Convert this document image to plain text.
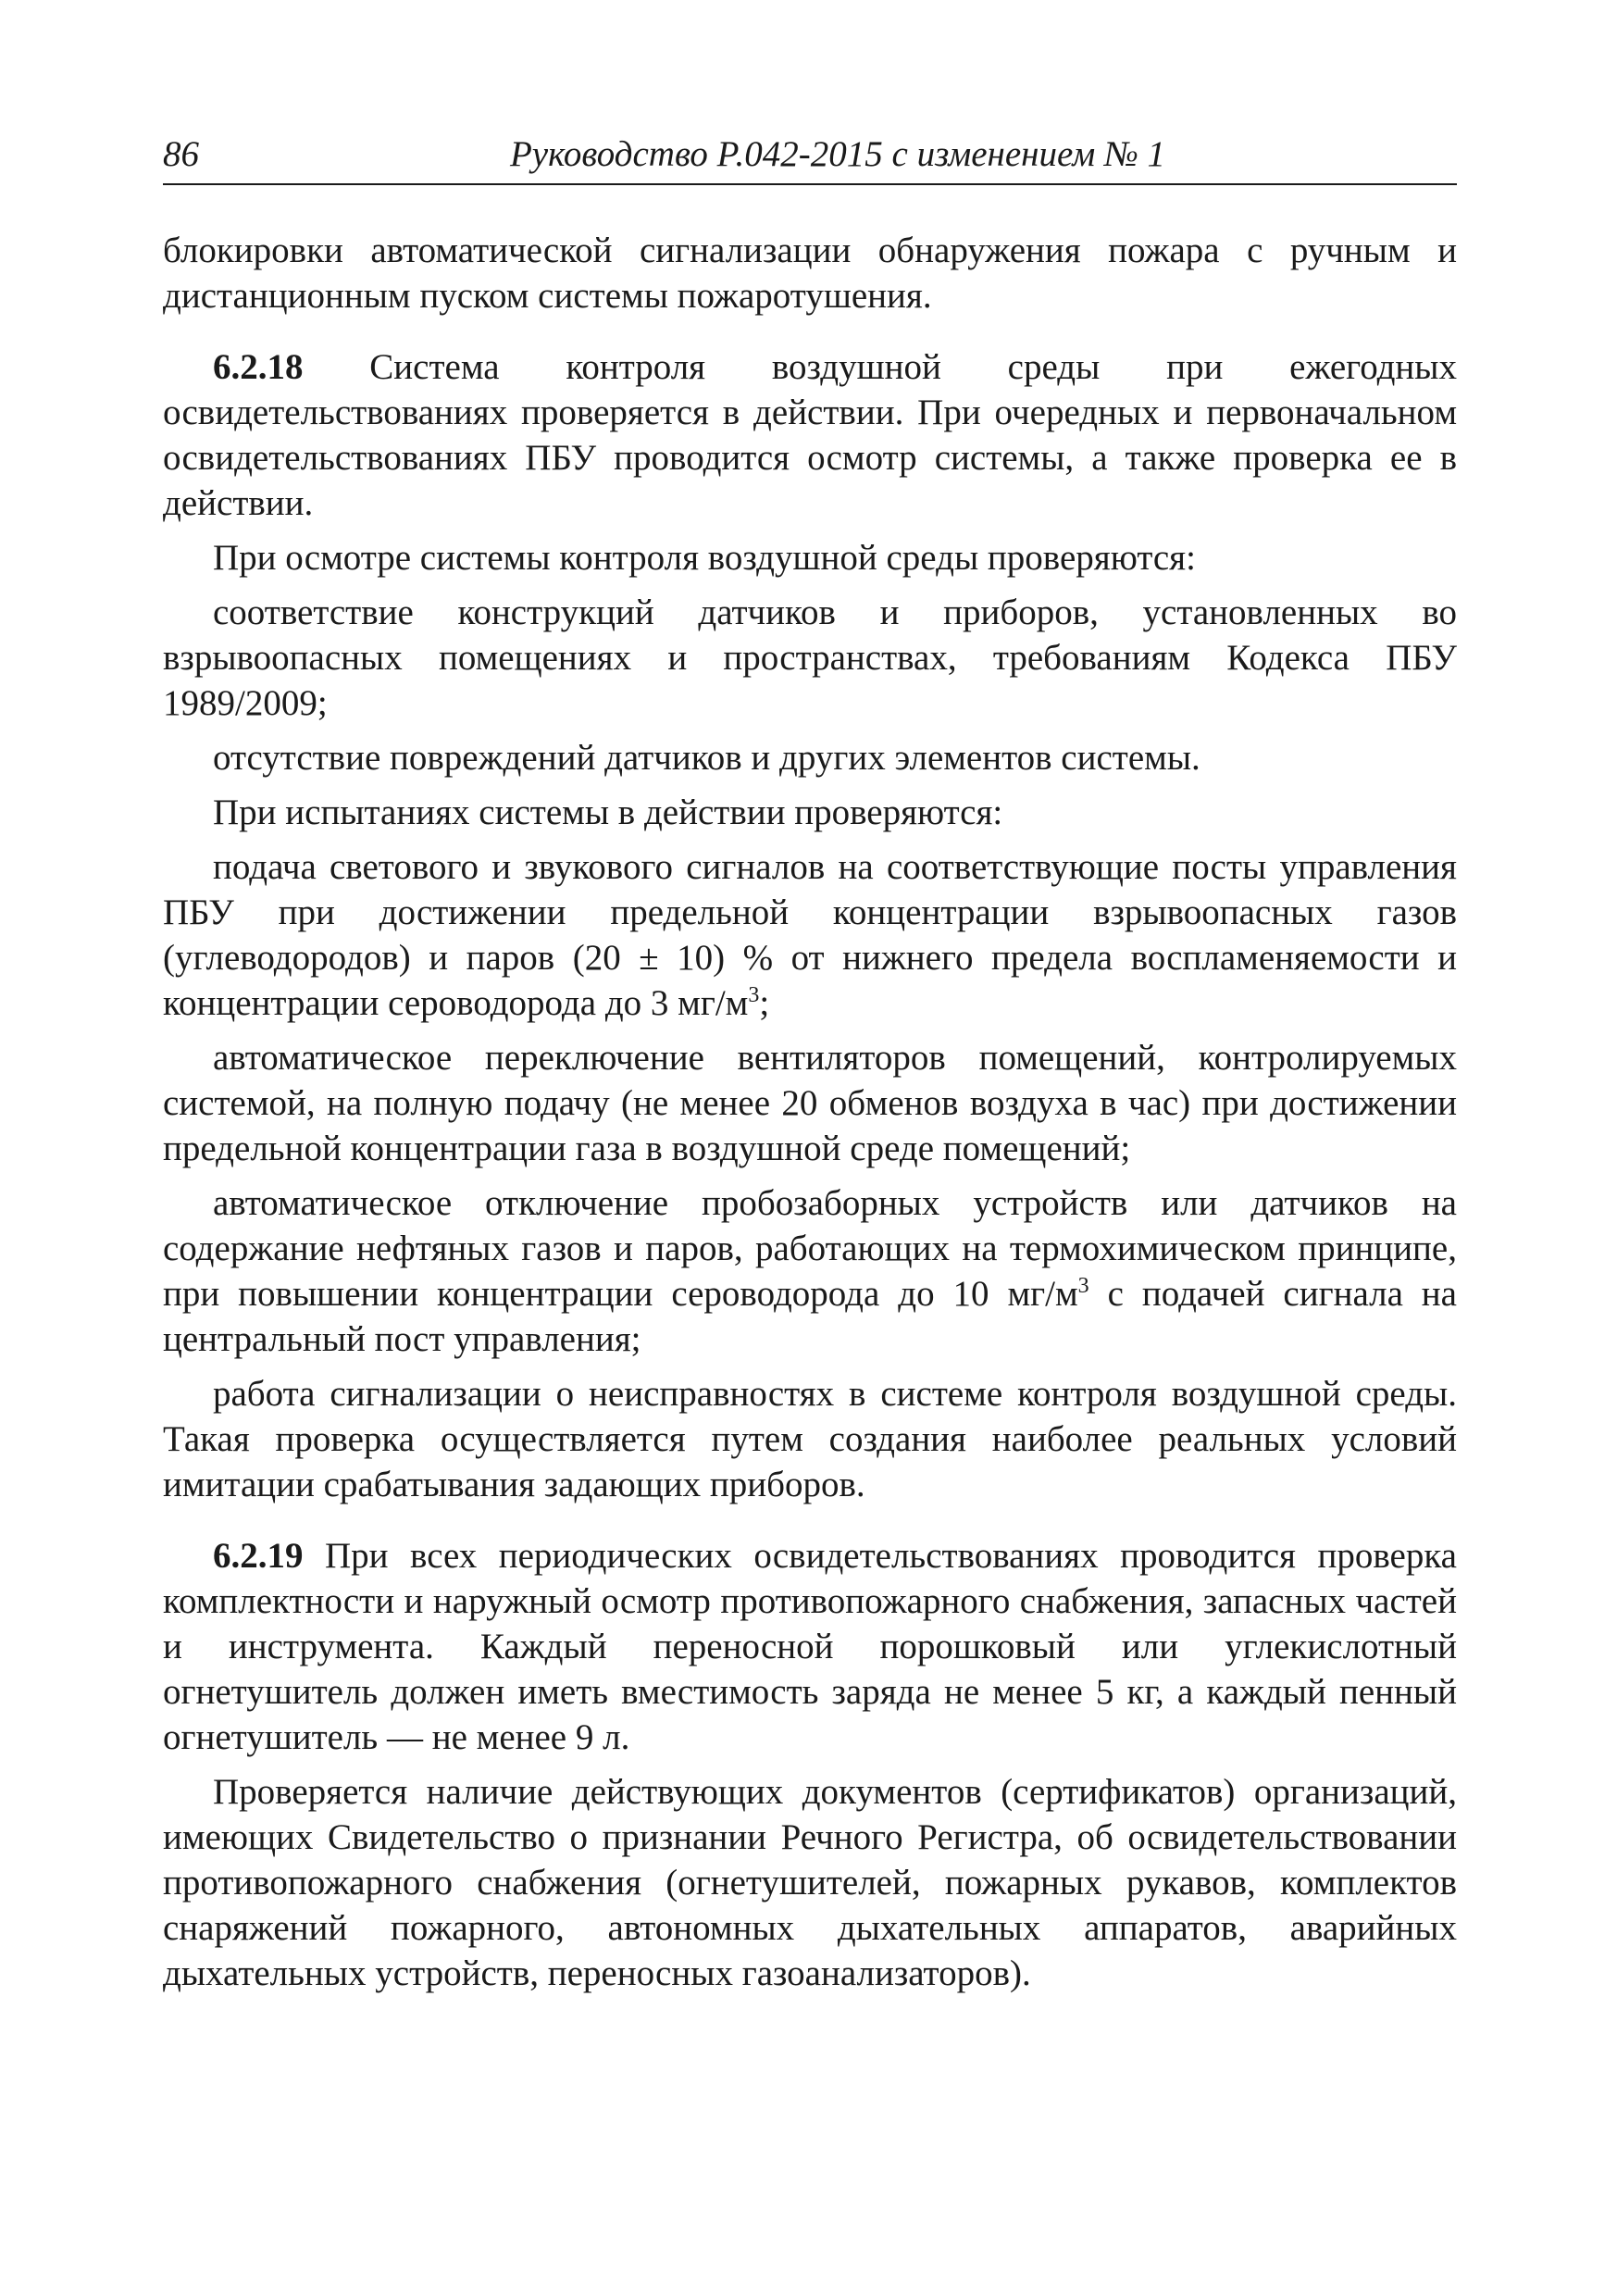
86	Руководство Р.042-2015 с изменением № 1

блокировки автоматической сигнализации обнаружения пожара с ручным и дистанционным пуском системы пожаротушения.

6.2.18 Система контроля воздушной среды при ежегодных освидетельствованиях проверяется в действии. При очередных и первоначальном освидетельствованиях ПБУ проводится осмотр системы, а также проверка ее в действии.

При осмотре системы контроля воздушной среды проверяются:

соответствие конструкций датчиков и приборов, установленных во взрывоопасных помещениях и пространствах, требованиям Кодекса ПБУ 1989/2009;

отсутствие повреждений датчиков и других элементов системы.

При испытаниях системы в действии проверяются:

подача светового и звукового сигналов на соответствующие посты управления ПБУ при достижении предельной концентрации взрывоопасных газов (углеводородов) и паров (20 ± 10) % от нижнего предела воспламеняемости и концентрации сероводорода до 3 $мг/м^3$;

автоматическое переключение вентиляторов помещений, контролируемых системой, на полную подачу (не менее 20 обменов воздуха в час) при достижении предельной концентрации газа в воздушной среде помещений;

автоматическое отключение пробозаборных устройств или датчиков на содержание нефтяных газов и паров, работающих на термохимическом принципе, при повышении концентрации сероводорода до 10 $мг/м^3$ с подачей сигнала на центральный пост управления;

работа сигнализации о неисправностях в системе контроля воздушной среды. Такая проверка осуществляется путем создания наиболее реальных условий имитации срабатывания задающих приборов.

6.2.19 При всех периодических освидетельствованиях проводится проверка комплектности и наружный осмотр противопожарного снабжения, запасных частей и инструмента. Каждый переносной порошковый или углекислотный огнетушитель должен иметь вместимость заряда не менее 5 кг, а каждый пенный огнетушитель — не менее 9 л.

Проверяется наличие действующих документов (сертификатов) организаций, имеющих Свидетельство о признании Речного Регистра, об освидетельствовании противопожарного снабжения (огнетушителей, пожарных рукавов, комплектов снаряжений пожарного, автономных дыхательных аппаратов, аварийных дыхательных устройств, переносных газоанализаторов).
